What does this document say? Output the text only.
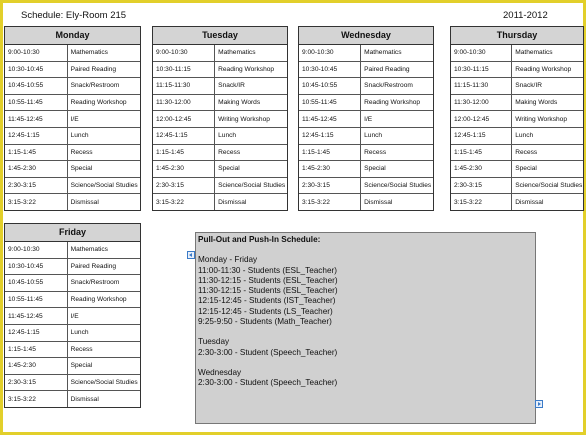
Schedule: Ely-Room 215	2011-2012
Monday
9:00-10:30	Mathematics
10:30-10:45	Paired Reading
10:45-10:55	Snack/Restroom
10:55-11:45	Reading Workshop
11:45-12:45	I/E
12:45-1:15	Lunch
1:15-1:45	Recess
1:45-2:30	Special
2:30-3:15	Science/Social Studies
3:15-3:22	Dismissal
Tuesday
9:00-10:30	Mathematics
10:30-11:15	Reading Workshop
11:15-11:30	Snack/IR
11:30-12:00	Making Words
12:00-12:45	Writing Workshop
12:45-1:15	Lunch
1:15-1:45	Recess
1:45-2:30	Special
2:30-3:15	Science/Social Studies
3:15-3:22	Dismissal
Wednesday
9:00-10:30	Mathematics
10:30-10:45	Paired Reading
10:45-10:55	Snack/Restroom
10:55-11:45	Reading Workshop
11:45-12:45	I/E
12:45-1:15	Lunch
1:15-1:45	Recess
1:45-2:30	Special
2:30-3:15	Science/Social Studies
3:15-3:22	Dismissal
Thursday
9:00-10:30	Mathematics
10:30-11:15	Reading Workshop
11:15-11:30	Snack/IR
11:30-12:00	Making Words
12:00-12:45	Writing Workshop
12:45-1:15	Lunch
1:15-1:45	Recess
1:45-2:30	Special
2:30-3:15	Science/Social Studies
3:15-3:22	Dismissal
Friday
9:00-10:30	Mathematics
10:30-10:45	Paired Reading
10:45-10:55	Snack/Restroom
10:55-11:45	Reading Workshop
11:45-12:45	I/E
12:45-1:15	Lunch
1:15-1:45	Recess
1:45-2:30	Special
2:30-3:15	Science/Social Studies
3:15-3:22	Dismissal
Pull-Out and Push-In Schedule:
Monday - Friday
11:00-11:30 - Students (ESL_Teacher)
11:30-12:15 - Students (ESL_Teacher)
11:30-12:15 - Students (ESL_Teacher)
12:15-12:45 - Students (IST_Teacher)
12:15-12:45 - Students (LS_Teacher)
9:25-9:50 - Students (Math_Teacher)
Tuesday
2:30-3:00 - Student (Speech_Teacher)
Wednesday
2:30-3:00 - Student (Speech_Teacher)
